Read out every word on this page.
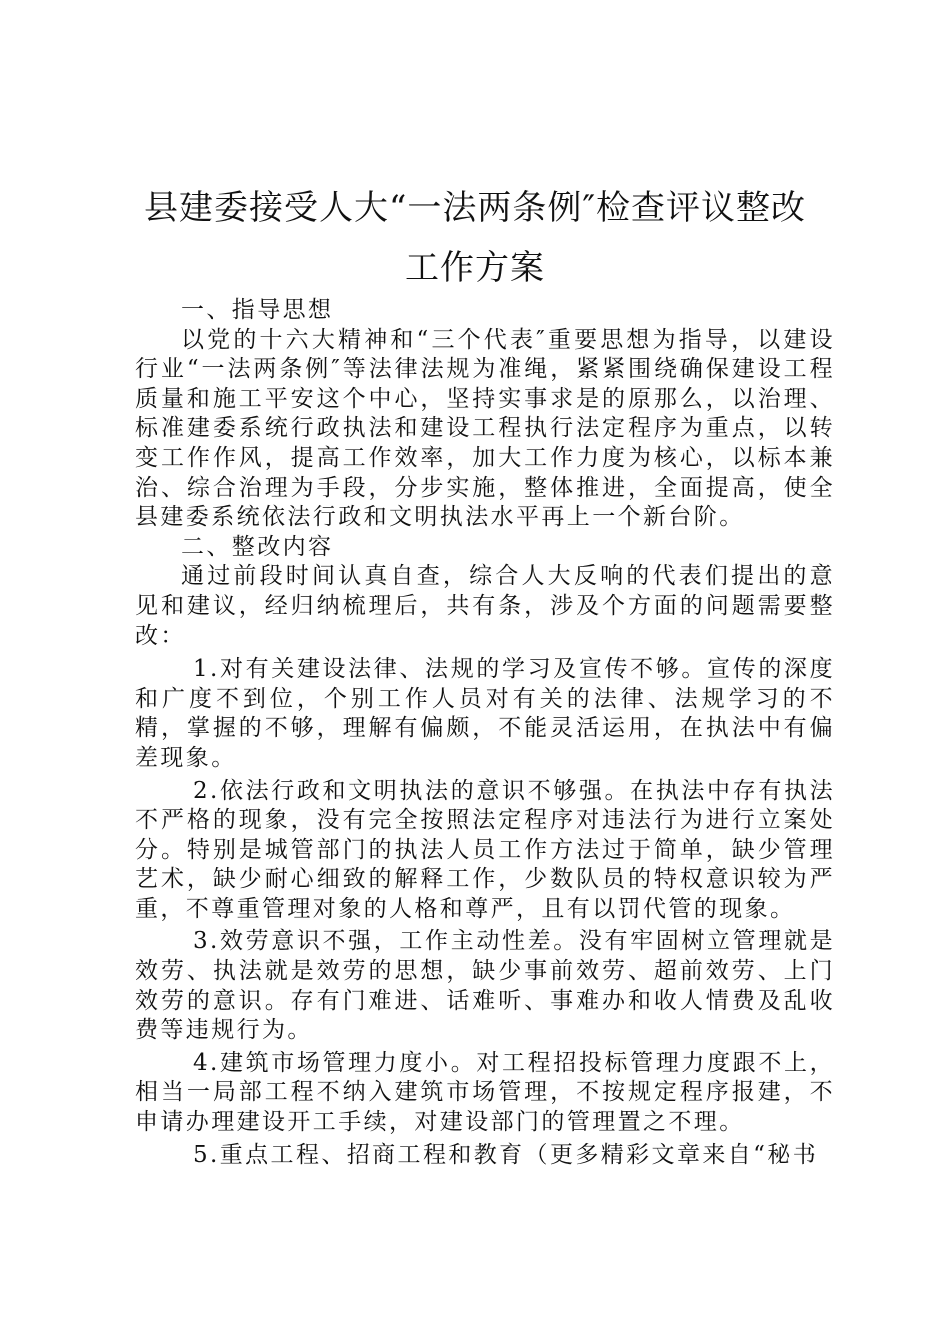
县建委接受人大“一法两条例″检查评议整改
工作方案

一、指导思想

以党的十六大精神和“三个代表″重要思想为指导，以建设行业“一法两条例″等法律法规为准绳，紧紧围绕确保建设工程质量和施工平安这个中心，坚持实事求是的原那么，以治理、标准建委系统行政执法和建设工程执行法定程序为重点，以转变工作作风，提高工作效率，加大工作力度为核心，以标本兼治、综合治理为手段，分步实施，整体推进，全面提高，使全县建委系统依法行政和文明执法水平再上一个新台阶。

二、整改内容

通过前段时间认真自查，综合人大反响的代表们提出的意见和建议，经归纳梳理后，共有条，涉及个方面的问题需要整改：

1.对有关建设法律、法规的学习及宣传不够。宣传的深度和广度不到位，个别工作人员对有关的法律、法规学习的不精，掌握的不够，理解有偏颇，不能灵活运用，在执法中有偏差现象。

2.依法行政和文明执法的意识不够强。在执法中存有执法不严格的现象，没有完全按照法定程序对违法行为进行立案处分。特别是城管部门的执法人员工作方法过于简单，缺少管理艺术，缺少耐心细致的解释工作，少数队员的特权意识较为严重，不尊重管理对象的人格和尊严，且有以罚代管的现象。

3.效劳意识不强，工作主动性差。没有牢固树立管理就是效劳、执法就是效劳的思想，缺少事前效劳、超前效劳、上门效劳的意识。存有门难进、话难听、事难办和收人情费及乱收费等违规行为。

4.建筑市场管理力度小。对工程招投标管理力度跟不上，相当一局部工程不纳入建筑市场管理，不按规定程序报建，不申请办理建设开工手续，对建设部门的管理置之不理。

5.重点工程、招商工程和教育（更多精彩文章来自“秘书
